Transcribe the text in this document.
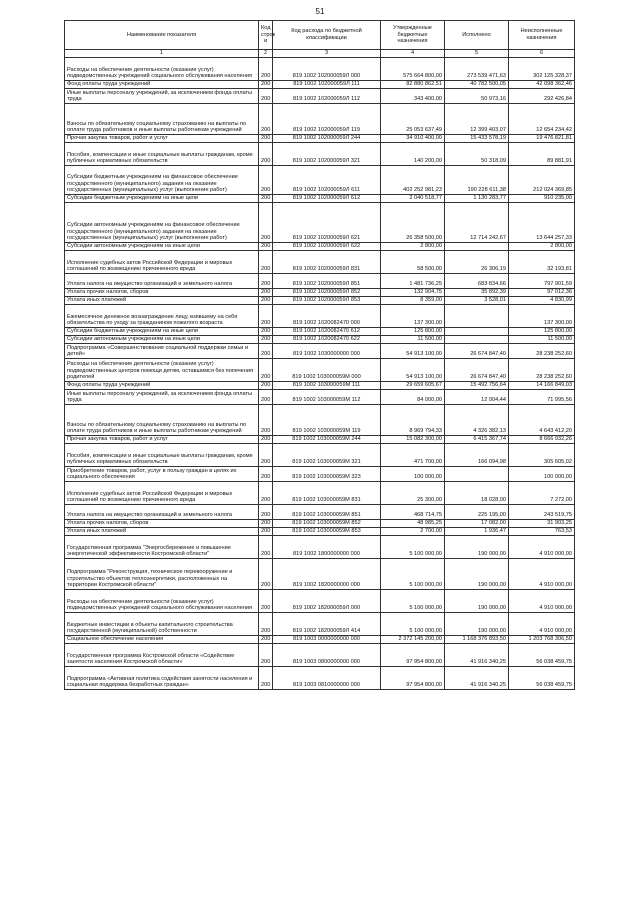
51
Наименование показателя	Код строк и	Код расхода по бюджетной классификации	Утвержденные бюджетные назначения	Исполнено	Неисполненные назначения
1	2	3	4	5	6
Расходы на обеспечение деятельности (оказание услуг) подведомственных учреждений социального обслуживания населения	200	819 1002 102000059Л 000	575 664 800,00	273 539 471,63	302 125 328,37
Фонд оплаты труда учреждений	200	819 1002 102000059Л 111	82 880 862,51	40 782 500,05	42 098 362,46
Иные выплаты персоналу учреждений, за исключением фонда оплаты труда	200	819 1002 102000059Л 112	343 400,00	50 973,16	292 426,84
Взносы по обязательному социальному страхованию на выплаты по оплате труда работников и иные выплаты работникам учреждений	200	819 1002 102000059Л 119	25 053 637,49	12 399 403,07	12 654 234,42
Прочая закупка товаров, работ и услуг	200	819 1002 102000059Л 244	34 910 400,00	15 433 578,19	19 476 821,81
Пособия, компенсации и иные социальные выплаты гражданам, кроме публичных нормативных обязательств	200	819 1002 102000059Л 321	140 200,00	50 318,09	89 881,91
Субсидии бюджетным учреждениям на финансовое обеспечение государственного (муниципального) задания на оказание государственных (муниципальных) услуг (выполнение работ)	200	819 1002 102000059Л 611	402 252 981,23	190 228 611,38	212 024 369,85
Субсидии бюджетным учреждениям на иные цели	200	819 1002 102000059Л 612	2 040 518,77	1 130 283,77	910 235,00
Субсидии автономным учреждениям на финансовое обеспечение государственного (муниципального) задания на оказание государственных (муниципальных) услуг (выполнение работ)	200	819 1002 102000059Л 621	26 358 500,00	12 714 242,67	13 644 257,33
Субсидии автономным учреждениям на иные цели	200	819 1002 102000059Л 622	2 800,00		2 800,00
Исполнение судебных актов Российской Федерации и мировых соглашений по возмещению причиненного вреда	200	819 1002 102000059Л 831	58 500,00	26 306,19	32 193,81
Уплата налога на имущество организаций и земельного налога	200	819 1002 102000059Л 851	1 481 736,25	683 834,66	797 901,59
Уплата прочих налогов, сборов	200	819 1002 102000059Л 852	132 904,75	35 892,39	97 012,36
Уплата иных платежей	200	819 1002 102000059Л 853	8 359,00	3 528,01	4 830,99
Ежемесячное денежное вознаграждение лицу, взявшему на себя обязательства по уходу за гражданином пожилого возраста	200	819 1002 1020082470 000	137 300,00		137 300,00
Субсидии бюджетным учреждениям на иные цели	200	819 1002 1020082470 612	125 800,00		125 800,00
Субсидии автономным учреждениям на иные цели	200	819 1002 1020082470 622	11 500,00		11 500,00
Подпрограмма «Совершенствование социальной поддержки семьи и детей»	200	819 1002 1030000000 000	54 913 100,00	26 674 847,40	28 238 252,60
Расходы на обеспечение деятельности (оказание услуг) подведомственных центров помощи детям, оставшимся без попечения родителей	200	819 1002 103000059М 000	54 913 100,00	26 674 847,40	28 238 252,60
Фонд оплаты труда учреждений	200	819 1002 103000059М 111	29 659 605,67	15 492 756,64	14 166 849,03
Иные выплаты персоналу учреждений, за исключением фонда оплаты труда	200	819 1002 103000059М 112	84 000,00	12 004,44	71 995,56
Взносы по обязательному социальному страхованию на выплаты по оплате труда работников и иные выплаты работникам учреждений	200	819 1002 103000059М 119	8 969 794,33	4 326 382,13	4 643 412,20
Прочая закупка товаров, работ и услуг	200	819 1002 103000059М 244	15 082 300,00	6 415 367,74	8 666 932,26
Пособия, компенсации и иные социальные выплаты гражданам, кроме публичных нормативных обязательств	200	819 1002 103000059М 321	471 700,00	166 094,98	305 605,02
Приобретение товаров, работ, услуг в пользу граждан в целях их социального обеспечения	200	819 1002 103000059М 323	100 000,00		100 000,00
Исполнение судебных актов Российской Федерации и мировых соглашений по возмещению причиненного вреда	200	819 1002 103000059М 831	25 300,00	18 028,00	7 272,00
Уплата налога на имущество организаций и земельного налога	200	819 1002 103000059М 851	468 714,75	225 195,00	243 519,75
Уплата прочих налогов, сборов	200	819 1002 103000059М 852	48 985,25	17 082,00	31 903,25
Уплата иных платежей	200	819 1002 103000059М 853	2 700,00	1 936,47	763,53
Государственная программа "Энергосбережение и повышение энергетической эффективности Костромской области"	200	819 1002 1800000000 000	5 100 000,00	190 000,00	4 910 000,00
Подпрограмма "Реконструкция, техническое перевооружение и строительство объектов теплоэнергетики, расположенных на территории Костромской области"	200	819 1002 1820000000 000	5 100 000,00	190 000,00	4 910 000,00
Расходы на обеспечение деятельности (оказание услуг) подведомственных учреждений социального обслуживания населения	200	819 1002 182000059Л 000	5 100 000,00	190 000,00	4 910 000,00
Бюджетные инвестиции в объекты капитального строительства государственной (муниципальной) собственности	200	819 1002 182000059Л 414	5 100 000,00	190 000,00	4 910 000,00
Социальное обеспечение населения	200	819 1003 0000000000 000	2 372 145 200,00	1 168 376 893,50	1 203 768 306,50
Государственная программа Костромской области «Содействие занятости населения Костромской области»	200	819 1003 0800000000 000	97 954 800,00	41 916 340,25	56 038 459,75
Подпрограмма «Активная политика содействия занятости населения и социальная поддержка безработных граждан»	200	819 1003 0810000000 000	97 954 800,00	41 916 340,25	56 038 459,75
